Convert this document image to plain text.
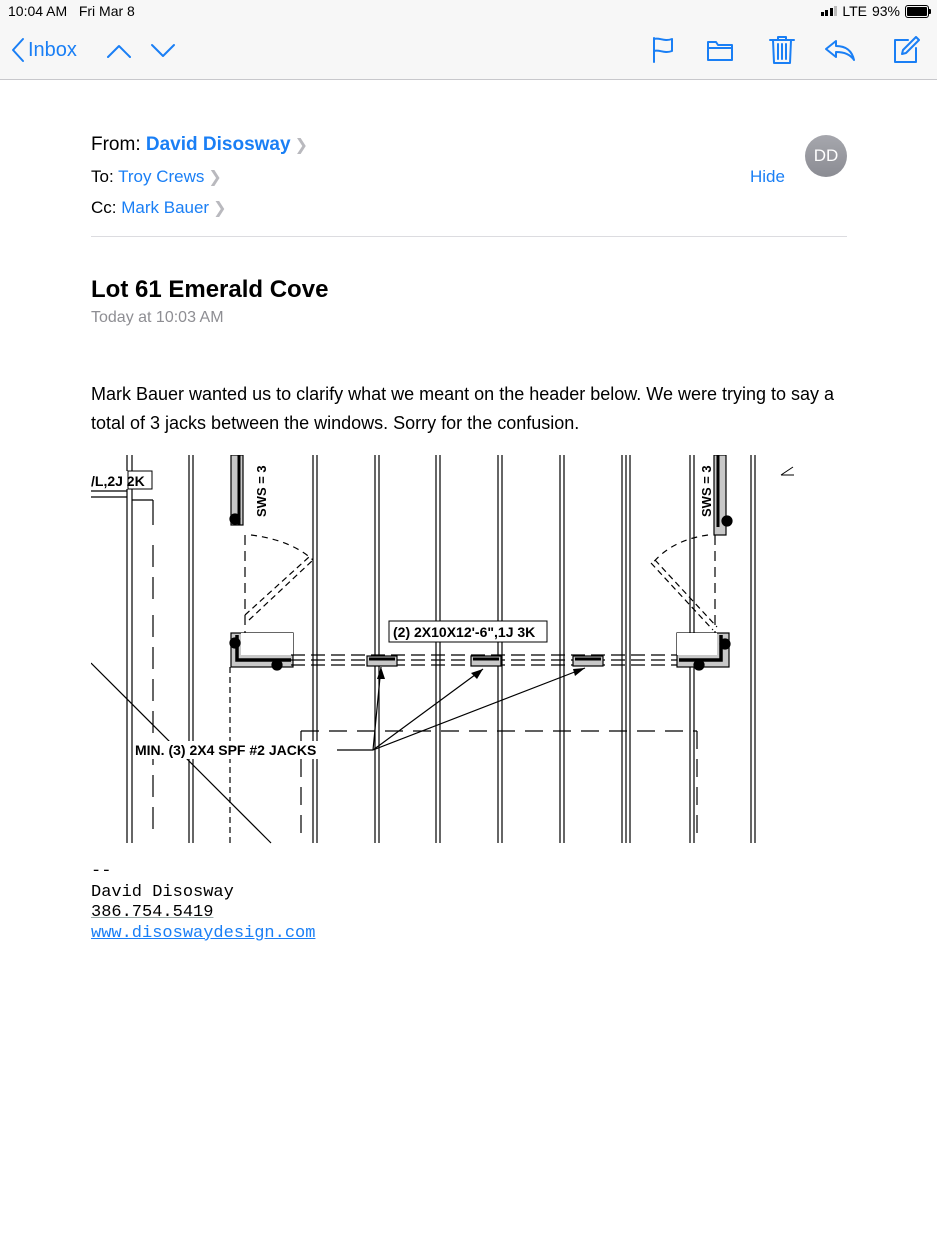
10:04 AM Fri Mar 8	LTE 93%
Inbox
From: David Disosway ❯
To: Troy Crews ❯
Cc: Mark Bauer ❯
Hide
DD
Lot 61 Emerald Cove
Today at 10:03 AM
Mark Bauer wanted us to clarify what we meant on the header below. We were trying to say a total of 3 jacks between the windows. Sorry for the confusion.
/L,2J 2K	SWS = 3	SWS = 3
(2) 2X10X12'-6",1J 3K
MIN. (3) 2X4 SPF #2 JACKS
--
David Disosway
386.754.5419
www.disoswaydesign.com
